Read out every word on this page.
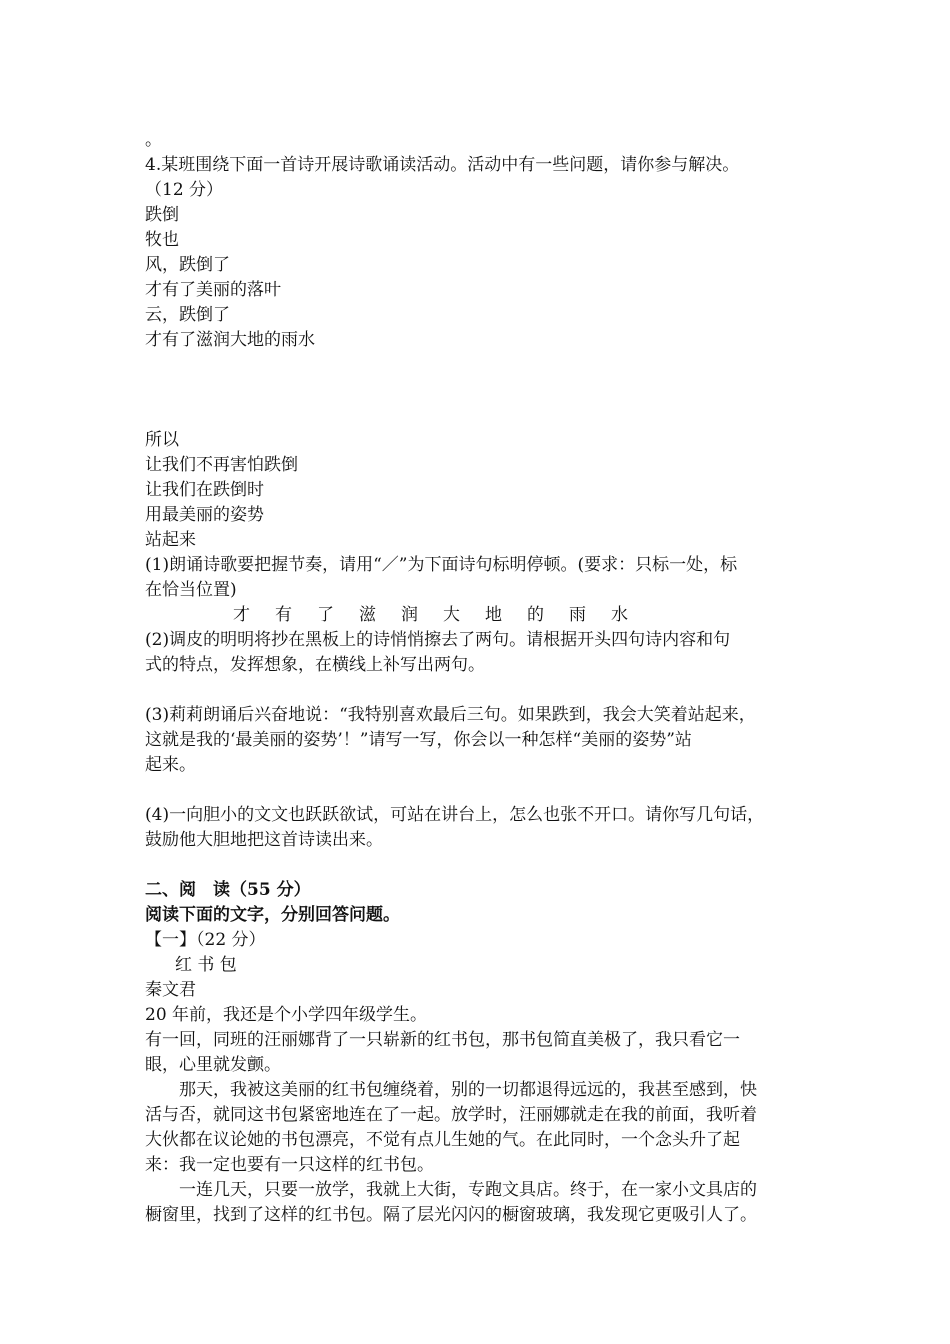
。
4.某班围绕下面一首诗开展诗歌诵读活动。活动中有一些问题，请你参与解决。
（12 分）
跌倒
牧也
风，跌倒了
才有了美丽的落叶
云，跌倒了
才有了滋润大地的雨水
所以
让我们不再害怕跌倒
让我们在跌倒时
用最美丽的姿势
站起来
(1)朗诵诗歌要把握节奏，请用“／”为下面诗句标明停顿。(要求：只标一处，标
在恰当位置)
才　有　了　滋　润　大　地　的　雨　水
(2)调皮的明明将抄在黑板上的诗悄悄擦去了两句。请根据开头四句诗内容和句
式的特点，发挥想象，在横线上补写出两句。
(3)莉莉朗诵后兴奋地说：“我特别喜欢最后三句。如果跌到，我会大笑着站起来，
这就是我的‘最美丽的姿势’！”请写一写，你会以一种怎样“美丽的姿势”站
起来。
(4)一向胆小的文文也跃跃欲试，可站在讲台上，怎么也张不开口。请你写几句话，
鼓励他大胆地把这首诗读出来。
二、阅　读（55 分）
阅读下面的文字，分别回答问题。
【一】（22 分）
红 书 包
秦文君
20 年前，我还是个小学四年级学生。
有一回，同班的汪丽娜背了一只崭新的红书包，那书包简直美极了，我只看它一
眼，心里就发颤。
那天，我被这美丽的红书包缠绕着，别的一切都退得远远的，我甚至感到，快
活与否，就同这书包紧密地连在了一起。放学时，汪丽娜就走在我的前面，我听着
大伙都在议论她的书包漂亮，不觉有点儿生她的气。在此同时，一个念头升了起
来：我一定也要有一只这样的红书包。
一连几天，只要一放学，我就上大街，专跑文具店。终于，在一家小文具店的
橱窗里，找到了这样的红书包。隔了层光闪闪的橱窗玻璃，我发现它更吸引人了。
